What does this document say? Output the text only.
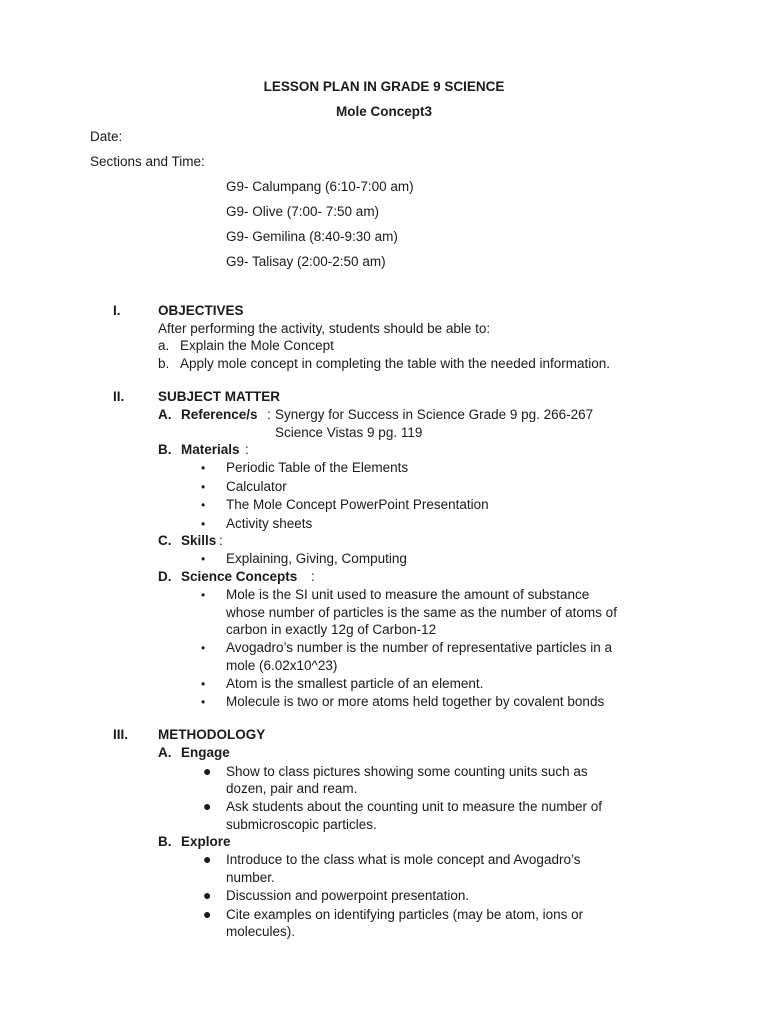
LESSON PLAN IN GRADE 9 SCIENCE
Mole Concept3
Date:
Sections and Time:
G9- Calumpang (6:10-7:00 am)
G9- Olive (7:00- 7:50 am)
G9- Gemilina (8:40-9:30 am)
G9- Talisay (2:00-2:50 am)
I.	OBJECTIVES
After performing the activity, students should be able to:
a. Explain the Mole Concept
b. Apply mole concept in completing the table with the needed information.
II. SUBJECT MATTER
A. Reference/s : Synergy for Success in Science Grade 9 pg. 266-267
Science Vistas 9 pg. 119
B. Materials :
• Periodic Table of the Elements
• Calculator
• The Mole Concept PowerPoint Presentation
• Activity sheets
C. Skills :
• Explaining, Giving, Computing
D. Science Concepts :
• Mole is the SI unit used to measure the amount of substance
whose number of particles is the same as the number of atoms of
carbon in exactly 12g of Carbon-12
• Avogadro’s number is the number of representative particles in a
mole (6.02x10^23)
• Atom is the smallest particle of an element.
• Molecule is two or more atoms held together by covalent bonds
III. METHODOLOGY
A. Engage
● Show to class pictures showing some counting units such as
dozen, pair and ream.
● Ask students about the counting unit to measure the number of
submicroscopic particles.
B. Explore
● Introduce to the class what is mole concept and Avogadro’s
number.
● Discussion and powerpoint presentation.
● Cite examples on identifying particles (may be atom, ions or
molecules).
